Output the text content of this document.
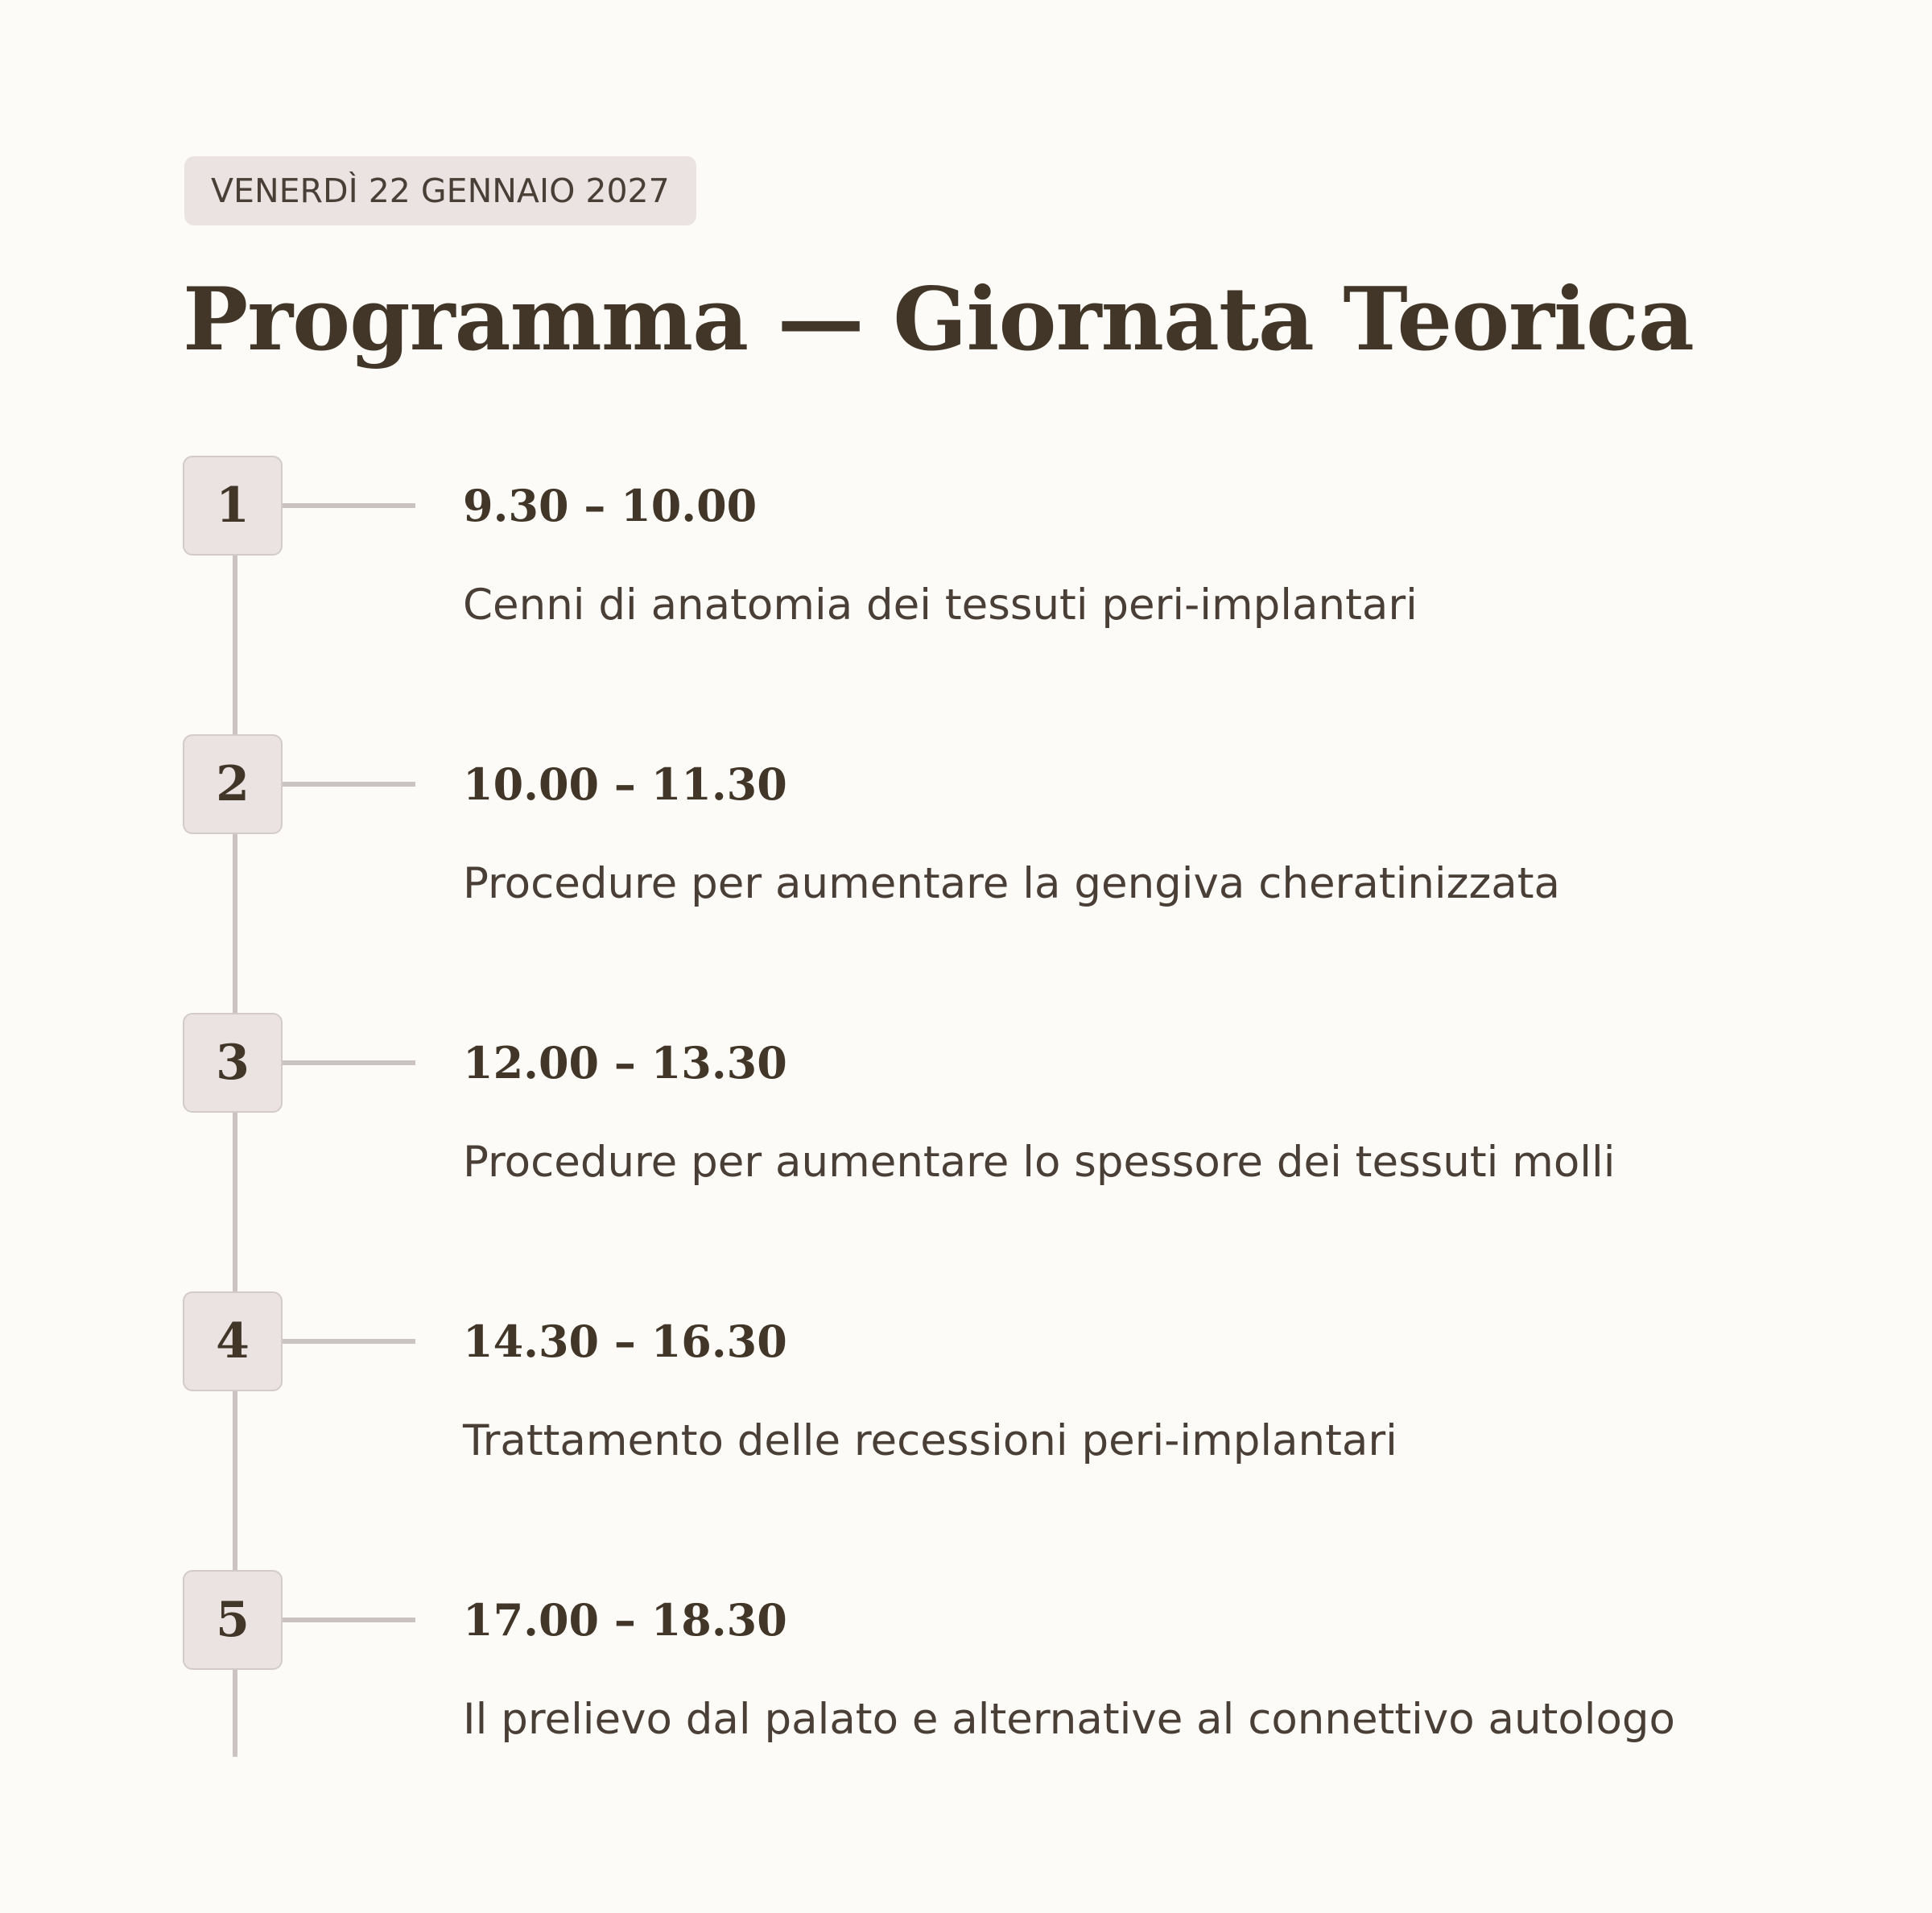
VENERDÌ 22 GENNAIO 2027
Programma — Giornata Teorica
1	9.30 – 10.00
Cenni di anatomia dei tessuti peri-implantari
2	10.00 – 11.30
Procedure per aumentare la gengiva cheratinizzata
3	12.00 – 13.30
Procedure per aumentare lo spessore dei tessuti molli
4	14.30 – 16.30
Trattamento delle recessioni peri-implantari
5	17.00 – 18.30
Il prelievo dal palato e alternative al connettivo autologo
